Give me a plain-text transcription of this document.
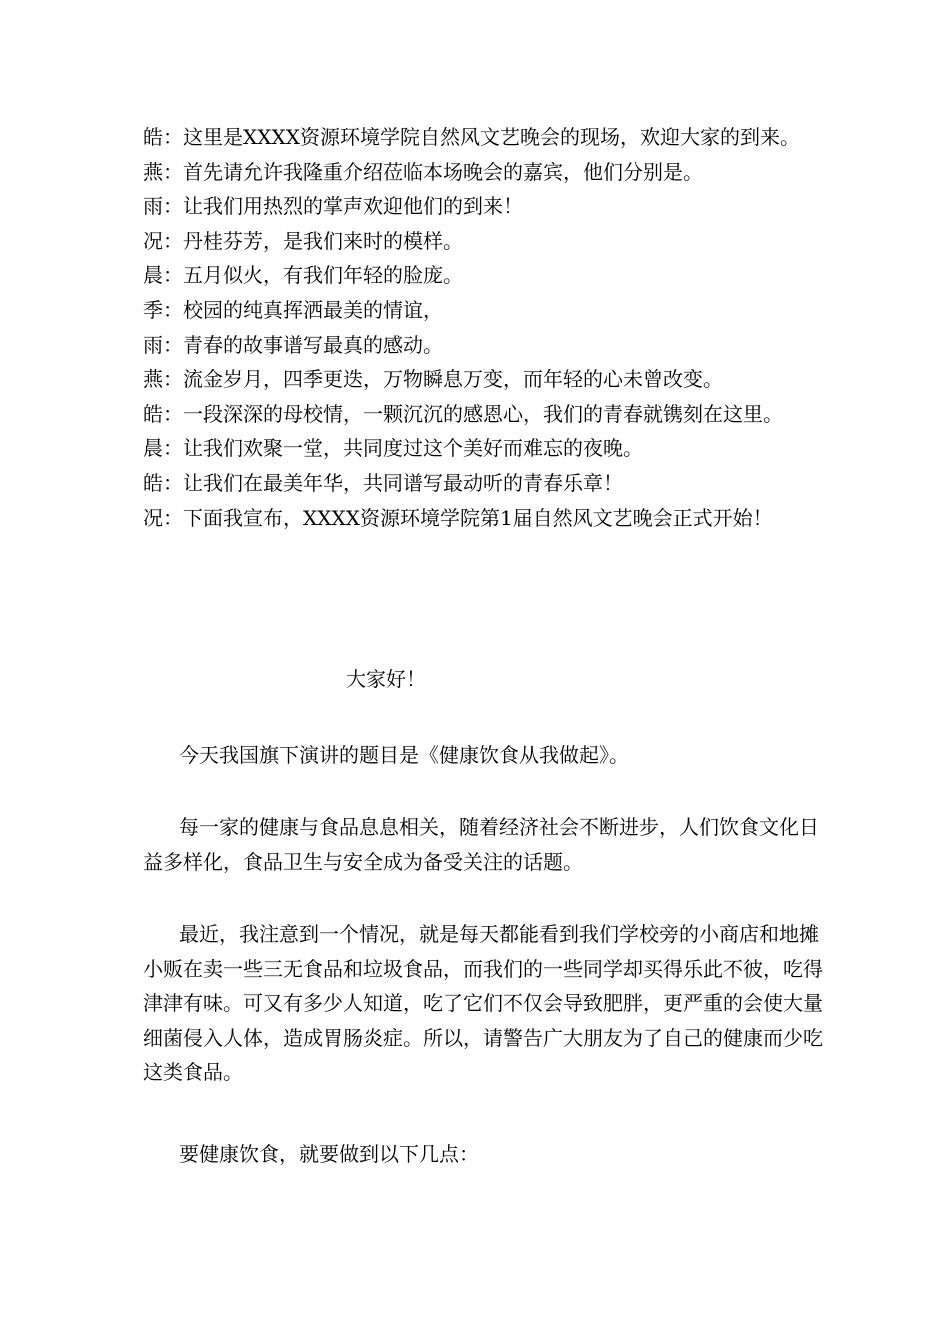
皓：这里是XXXX资源环境学院自然风文艺晚会的现场，欢迎大家的到来。

燕：首先请允许我隆重介绍莅临本场晚会的嘉宾，他们分别是。

雨：让我们用热烈的掌声欢迎他们的到来！

况：丹桂芬芳，是我们来时的模样。

晨：五月似火，有我们年轻的脸庞。

季：校园的纯真挥洒最美的情谊，

雨：青春的故事谱写最真的感动。

燕：流金岁月，四季更迭，万物瞬息万变，而年轻的心未曾改变。

皓：一段深深的母校情，一颗沉沉的感恩心，我们的青春就镌刻在这里。

晨：让我们欢聚一堂，共同度过这个美好而难忘的夜晚。

皓：让我们在最美年华，共同谱写最动听的青春乐章！

况：下面我宣布，XXXX资源环境学院第1届自然风文艺晚会正式开始！

大家好！

今天我国旗下演讲的题目是《健康饮食从我做起》。

每一家的健康与食品息息相关，随着经济社会不断进步，人们饮食文化日益多样化，食品卫生与安全成为备受关注的话题。

最近，我注意到一个情况，就是每天都能看到我们学校旁的小商店和地摊小贩在卖一些三无食品和垃圾食品，而我们的一些同学却买得乐此不彼，吃得津津有味。可又有多少人知道，吃了它们不仅会导致肥胖，更严重的会使大量细菌侵入人体，造成胃肠炎症。所以，请警告广大朋友为了自己的健康而少吃这类食品。

要健康饮食，就要做到以下几点：
